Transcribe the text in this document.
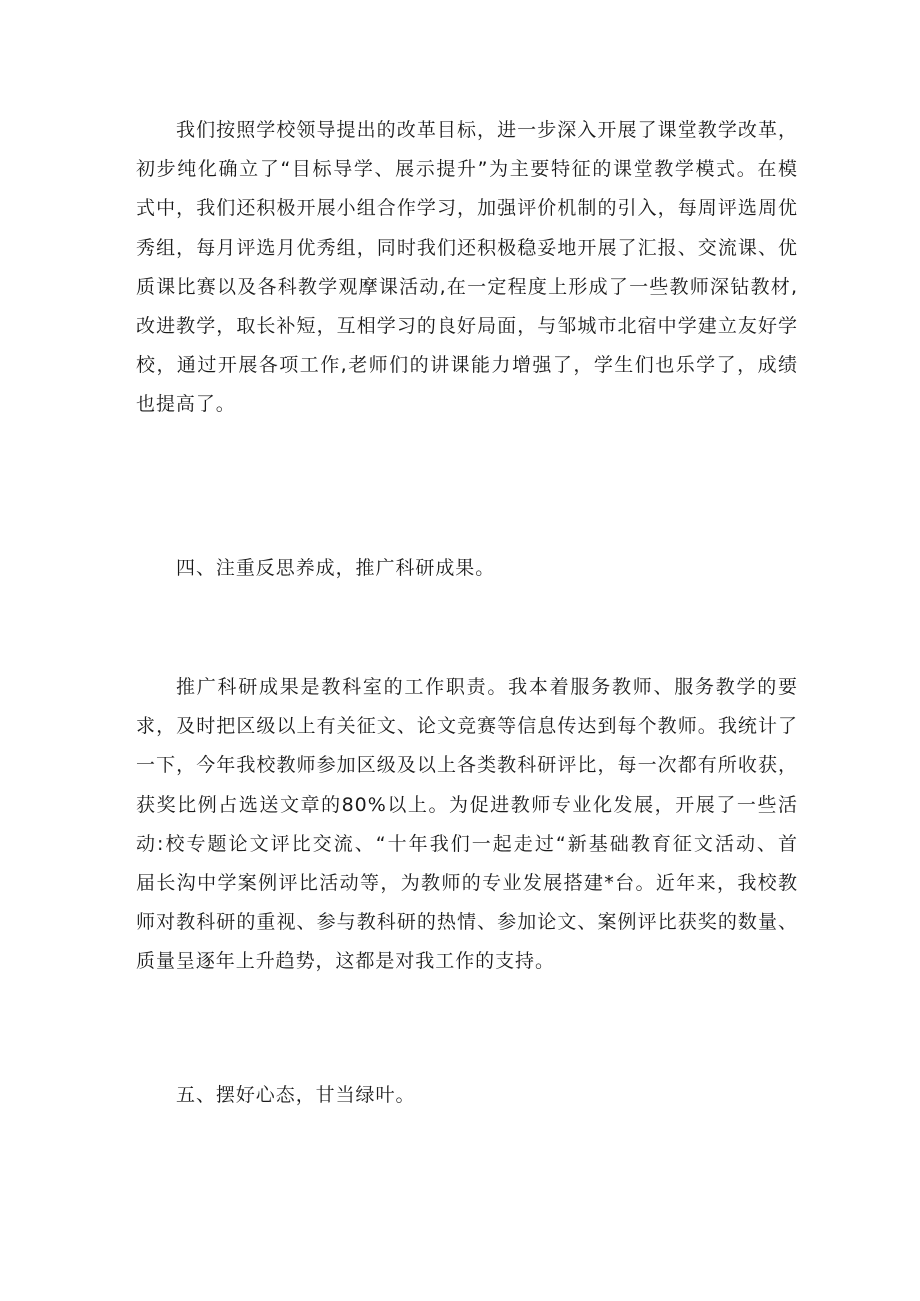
我们按照学校领导提出的改革目标，进一步深入开展了课堂教学改革，
初步纯化确立了“目标导学、展示提升”为主要特征的课堂教学模式。在模
式中，我们还积极开展小组合作学习，加强评价机制的引入，每周评选周优
秀组，每月评选月优秀组，同时我们还积极稳妥地开展了汇报、交流课、优
质课比赛以及各科教学观摩课活动,在一定程度上形成了一些教师深钻教材,
改进教学，取长补短，互相学习的良好局面，与邹城市北宿中学建立友好学
校，通过开展各项工作,老师们的讲课能力增强了，学生们也乐学了，成绩
也提高了。
四、注重反思养成，推广科研成果。
推广科研成果是教科室的工作职责。我本着服务教师、服务教学的要
求，及时把区级以上有关征文、论文竞赛等信息传达到每个教师。我统计了
一下，今年我校教师参加区级及以上各类教科研评比，每一次都有所收获，
获奖比例占选送文章的80%以上。为促进教师专业化发展，开展了一些活
动:校专题论文评比交流、“十年我们一起走过“新基础教育征文活动、首
届长沟中学案例评比活动等，为教师的专业发展搭建*台。近年来，我校教
师对教科研的重视、参与教科研的热情、参加论文、案例评比获奖的数量、
质量呈逐年上升趋势，这都是对我工作的支持。
五、摆好心态，甘当绿叶。
